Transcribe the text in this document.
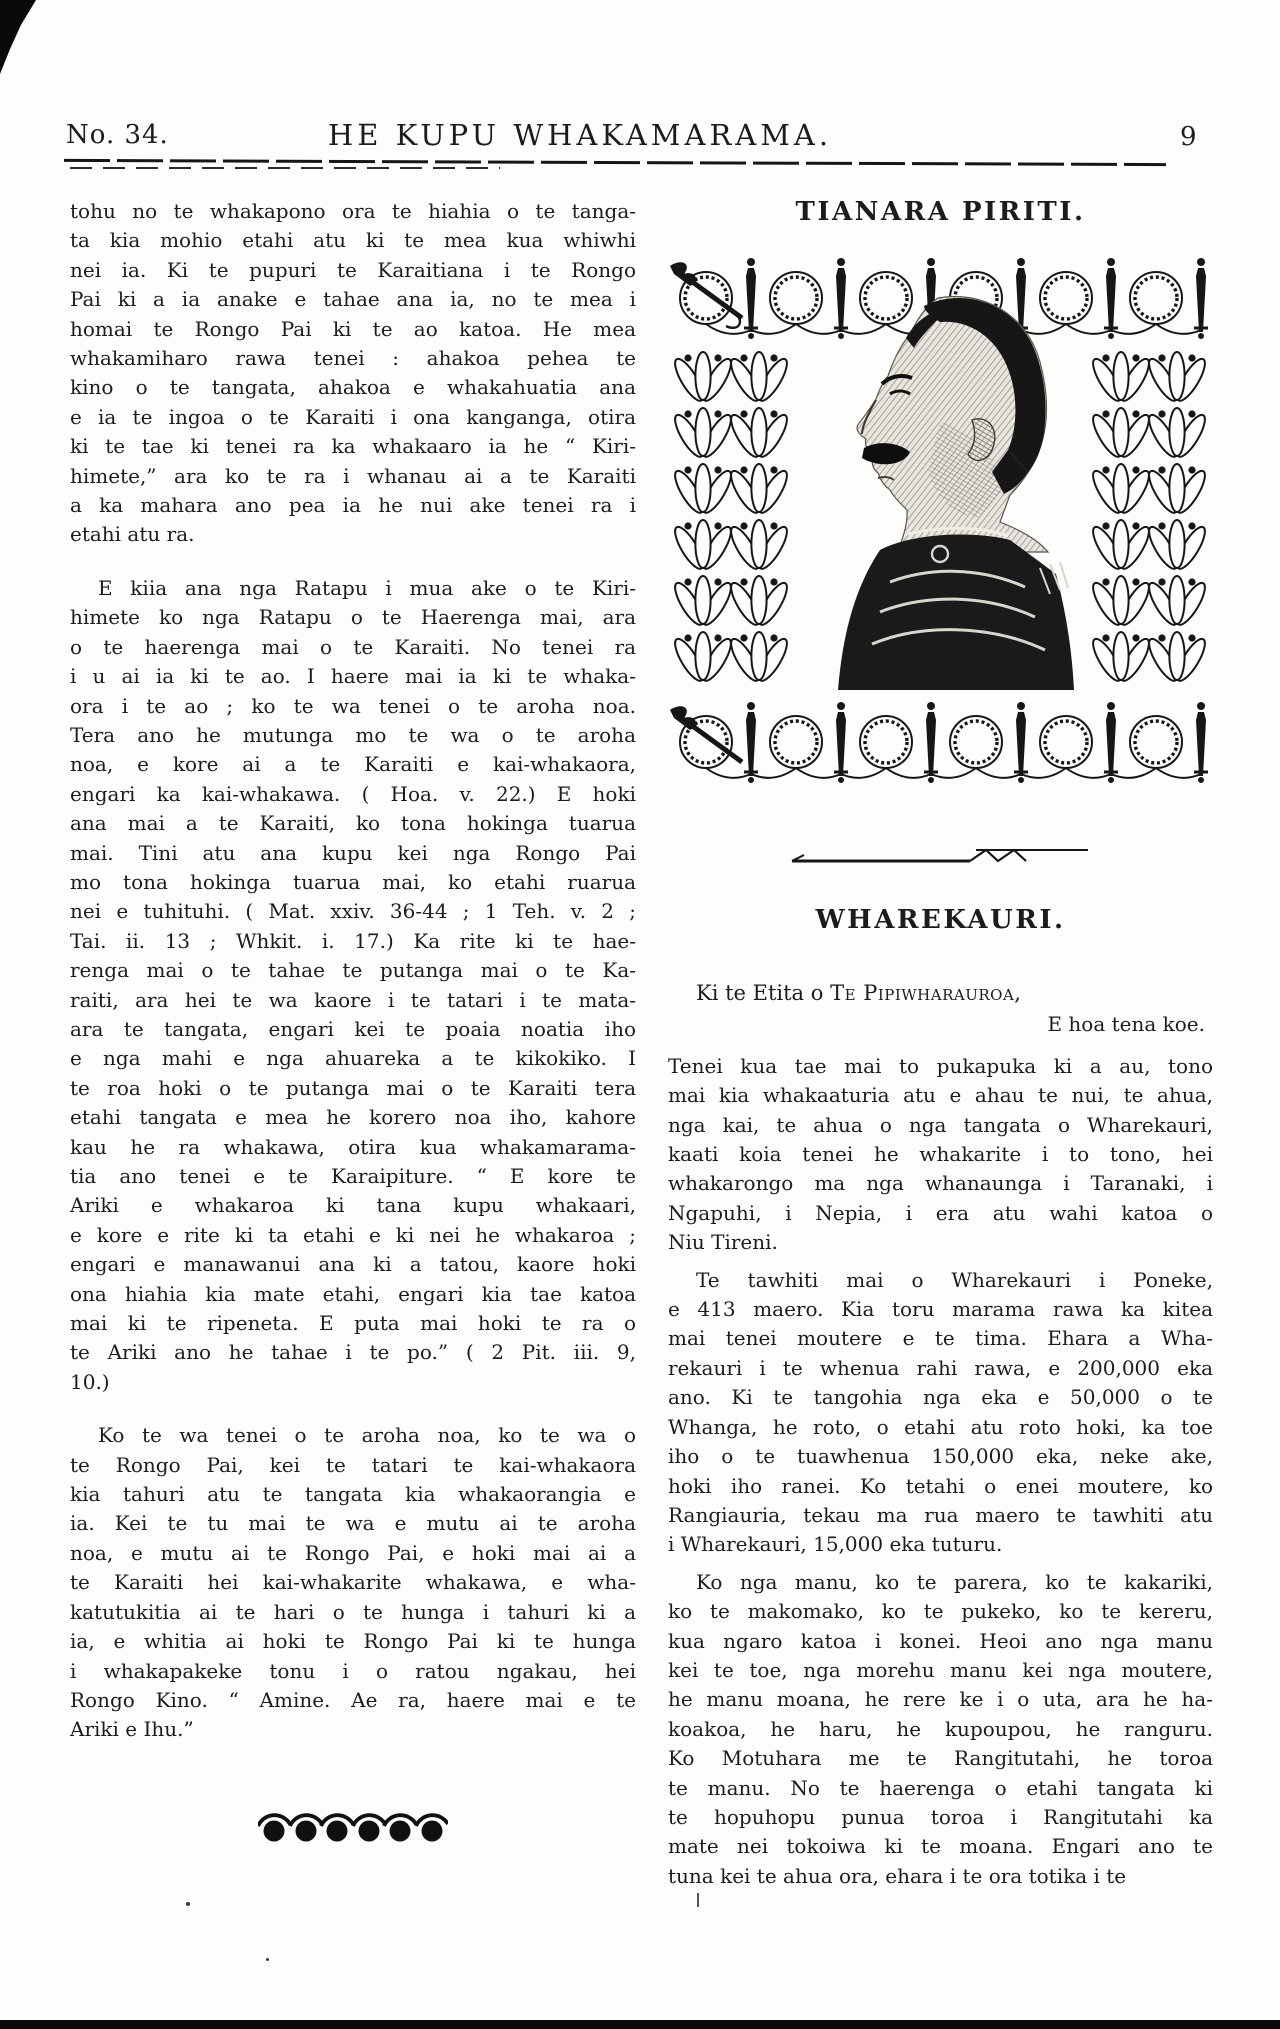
No. 34.	HE KUPU WHAKAMARAMA.	9
tohu no te whakapono ora te hiahia o te tanga-
ta kia mohio etahi atu ki te mea kua whiwhi
nei ia. Ki te pupuri te Karaitiana i te Rongo
Pai ki a ia anake e tahae ana ia, no te mea i
homai te Rongo Pai ki te ao katoa. He mea
whakamiharo rawa tenei : ahakoa pehea te
kino o te tangata, ahakoa e whakahuatia ana
e ia te ingoa o te Karaiti i ona kanganga, otira
ki te tae ki tenei ra ka whakaaro ia he “ Kiri-
himete,” ara ko te ra i whanau ai a te Karaiti
a ka mahara ano pea ia he nui ake tenei ra i
etahi atu ra.
E kiia ana nga Ratapu i mua ake o te Kiri-
himete ko nga Ratapu o te Haerenga mai, ara
o te haerenga mai o te Karaiti. No tenei ra
i u ai ia ki te ao. I haere mai ia ki te whaka-
ora i te ao ; ko te wa tenei o te aroha noa.
Tera ano he mutunga mo te wa o te aroha
noa, e kore ai a te Karaiti e kai-whakaora,
engari ka kai-whakawa. ( Hoa. v. 22.) E hoki
ana mai a te Karaiti, ko tona hokinga tuarua
mai. Tini atu ana kupu kei nga Rongo Pai
mo tona hokinga tuarua mai, ko etahi ruarua
nei e tuhituhi. ( Mat. xxiv. 36-44 ; 1 Teh. v. 2 ;
Tai. ii. 13 ; Whkit. i. 17.) Ka rite ki te hae-
renga mai o te tahae te putanga mai o te Ka-
raiti, ara hei te wa kaore i te tatari i te mata-
ara te tangata, engari kei te poaia noatia iho
e nga mahi e nga ahuareka a te kikokiko. I
te roa hoki o te putanga mai o te Karaiti tera
etahi tangata e mea he korero noa iho, kahore
kau he ra whakawa, otira kua whakamarama-
tia ano tenei e te Karaipiture. “ E kore te
Ariki e whakaroa ki tana kupu whakaari,
e kore e rite ki ta etahi e ki nei he whakaroa ;
engari e manawanui ana ki a tatou, kaore hoki
ona hiahia kia mate etahi, engari kia tae katoa
mai ki te ripeneta. E puta mai hoki te ra o
te Ariki ano he tahae i te po.” ( 2 Pit. iii. 9,
10.)
Ko te wa tenei o te aroha noa, ko te wa o
te Rongo Pai, kei te tatari te kai-whakaora
kia tahuri atu te tangata kia whakaorangia e
ia. Kei te tu mai te wa e mutu ai te aroha
noa, e mutu ai te Rongo Pai, e hoki mai ai a
te Karaiti hei kai-whakarite whakawa, e wha-
katutukitia ai te hari o te hunga i tahuri ki a
ia, e whitia ai hoki te Rongo Pai ki te hunga
i whakapakeke tonu i o ratou ngakau, hei
Rongo Kino. “ Amine. Ae ra, haere mai e te
Ariki e Ihu.”
TIANARA PIRITI.
WHAREKAURI.
Ki te Etita o Te Pipiwharauroa,
E hoa tena koe.
Tenei kua tae mai to pukapuka ki a au, tono
mai kia whakaaturia atu e ahau te nui, te ahua,
nga kai, te ahua o nga tangata o Wharekauri,
kaati koia tenei he whakarite i to tono, hei
whakarongo ma nga whanaunga i Taranaki, i
Ngapuhi, i Nepia, i era atu wahi katoa o
Niu Tireni.
Te tawhiti mai o Wharekauri i Poneke,
e 413 maero. Kia toru marama rawa ka kitea
mai tenei moutere e te tima. Ehara a Wha-
rekauri i te whenua rahi rawa, e 200,000 eka
ano. Ki te tangohia nga eka e 50,000 o te
Whanga, he roto, o etahi atu roto hoki, ka toe
iho o te tuawhenua 150,000 eka, neke ake,
hoki iho ranei. Ko tetahi o enei moutere, ko
Rangiauria, tekau ma rua maero te tawhiti atu
i Wharekauri, 15,000 eka tuturu.
Ko nga manu, ko te parera, ko te kakariki,
ko te makomako, ko te pukeko, ko te kereru,
kua ngaro katoa i konei. Heoi ano nga manu
kei te toe, nga morehu manu kei nga moutere,
he manu moana, he rere ke i o uta, ara he ha-
koakoa, he haru, he kupoupou, he ranguru.
Ko Motuhara me te Rangitutahi, he toroa
te manu. No te haerenga o etahi tangata ki
te hopuhopu punua toroa i Rangitutahi ka
mate nei tokoiwa ki te moana. Engari ano te
tuna kei te ahua ora, ehara i te ora totika i te
